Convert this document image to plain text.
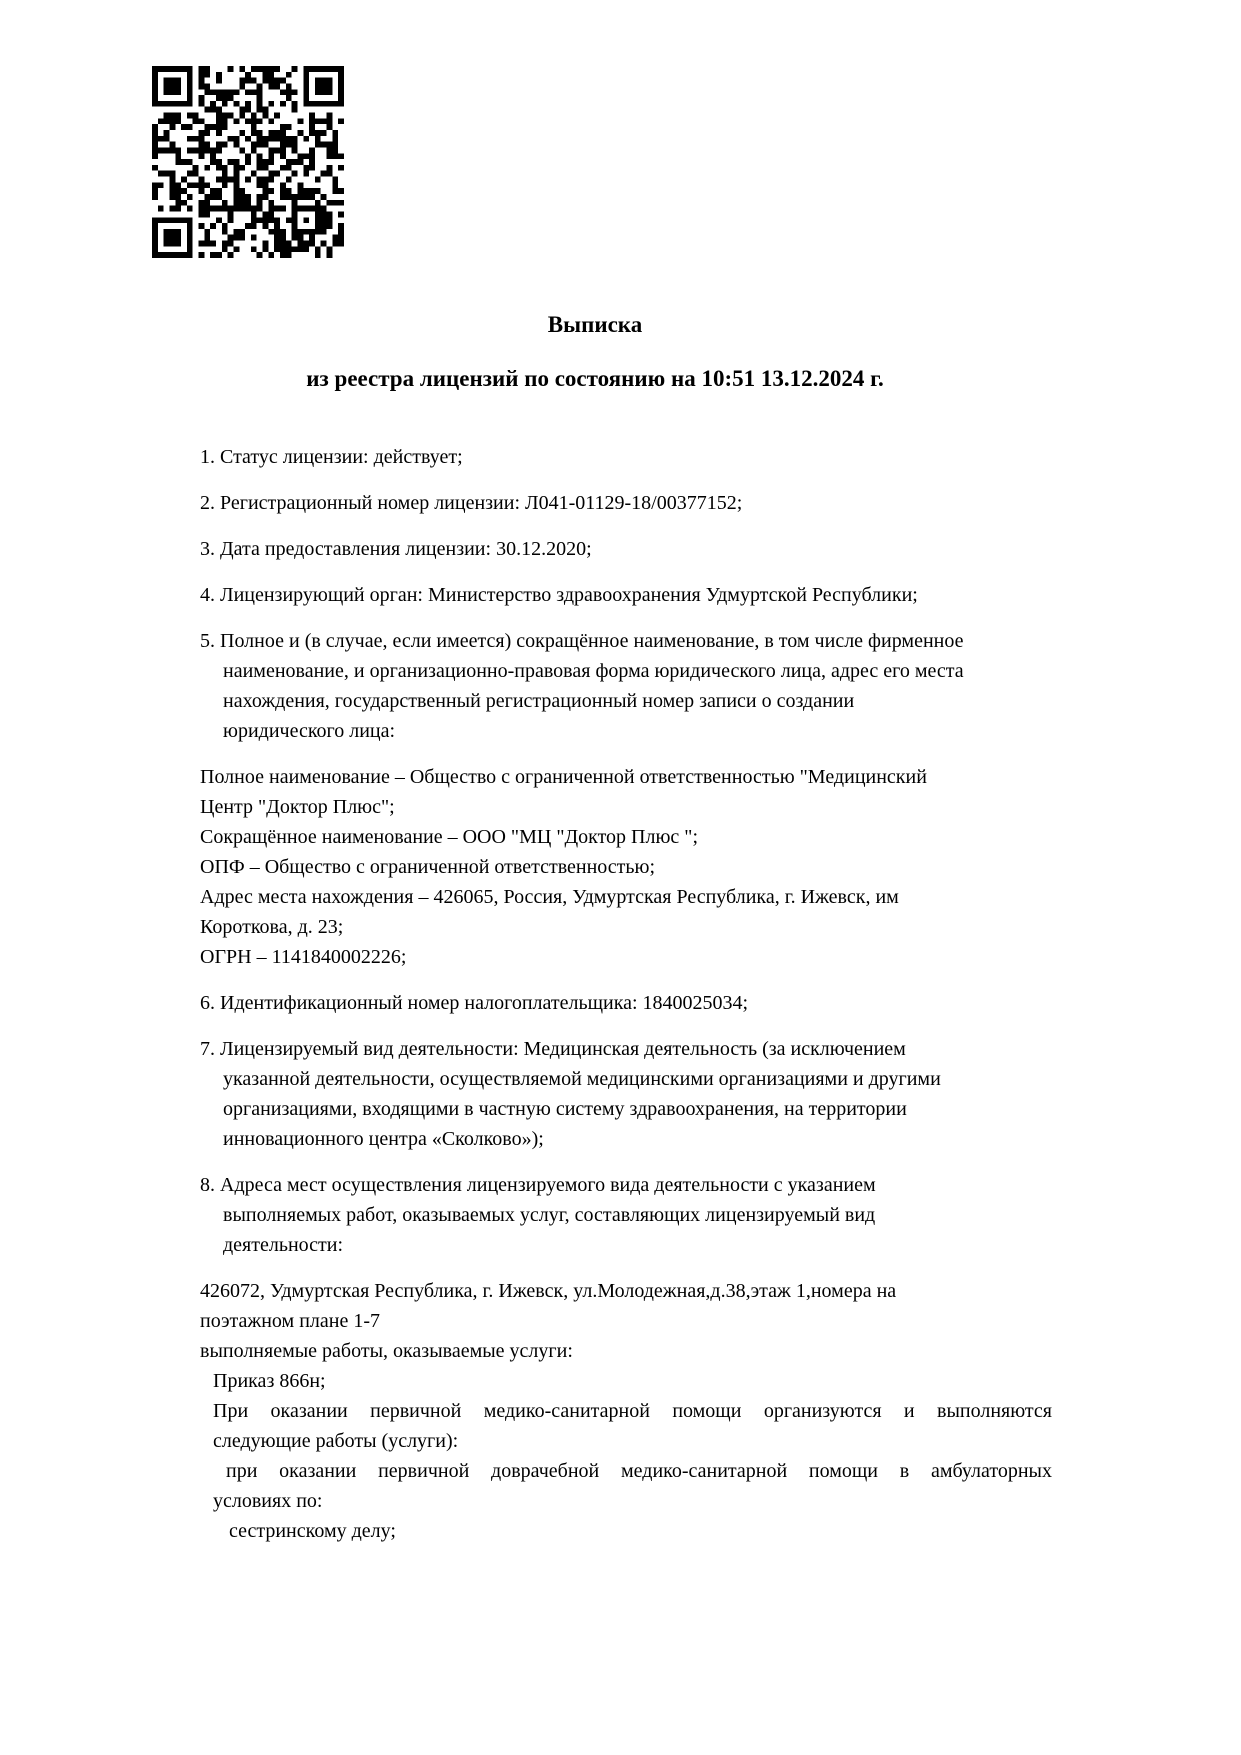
Выписка
из реестра лицензий по состоянию на 10:51 13.12.2024 г.
1. Статус лицензии: действует;
2. Регистрационный номер лицензии: Л041-01129-18/00377152;
3. Дата предоставления лицензии: 30.12.2020;
4. Лицензирующий орган: Министерство здравоохранения Удмуртской Республики;
5. Полное и (в случае, если имеется) сокращённое наименование, в том числе фирменное
наименование, и организационно-правовая форма юридического лица, адрес его места
нахождения, государственный регистрационный номер записи о создании
юридического лица:
Полное наименование – Общество с ограниченной ответственностью "Медицинский
Центр "Доктор Плюс";
Сокращённое наименование – ООО "МЦ "Доктор Плюс ";
ОПФ – Общество с ограниченной ответственностью;
Адрес места нахождения – 426065, Россия, Удмуртская Республика, г. Ижевск, им
Короткова, д. 23;
ОГРН – 1141840002226;
6. Идентификационный номер налогоплательщика: 1840025034;
7. Лицензируемый вид деятельности: Медицинская деятельность (за исключением
указанной деятельности, осуществляемой медицинскими организациями и другими
организациями, входящими в частную систему здравоохранения, на территории
инновационного центра «Сколково»);
8. Адреса мест осуществления лицензируемого вида деятельности с указанием
выполняемых работ, оказываемых услуг, составляющих лицензируемый вид
деятельности:
426072, Удмуртская Республика, г. Ижевск, ул.Молодежная,д.38,этаж 1,номера на
поэтажном плане 1-7
выполняемые работы, оказываемые услуги:
Приказ 866н;
При оказании первичной медико-санитарной помощи организуются и выполняются
следующие работы (услуги):
при оказании первичной доврачебной медико-санитарной помощи в амбулаторных
условиях по:
сестринскому делу;
